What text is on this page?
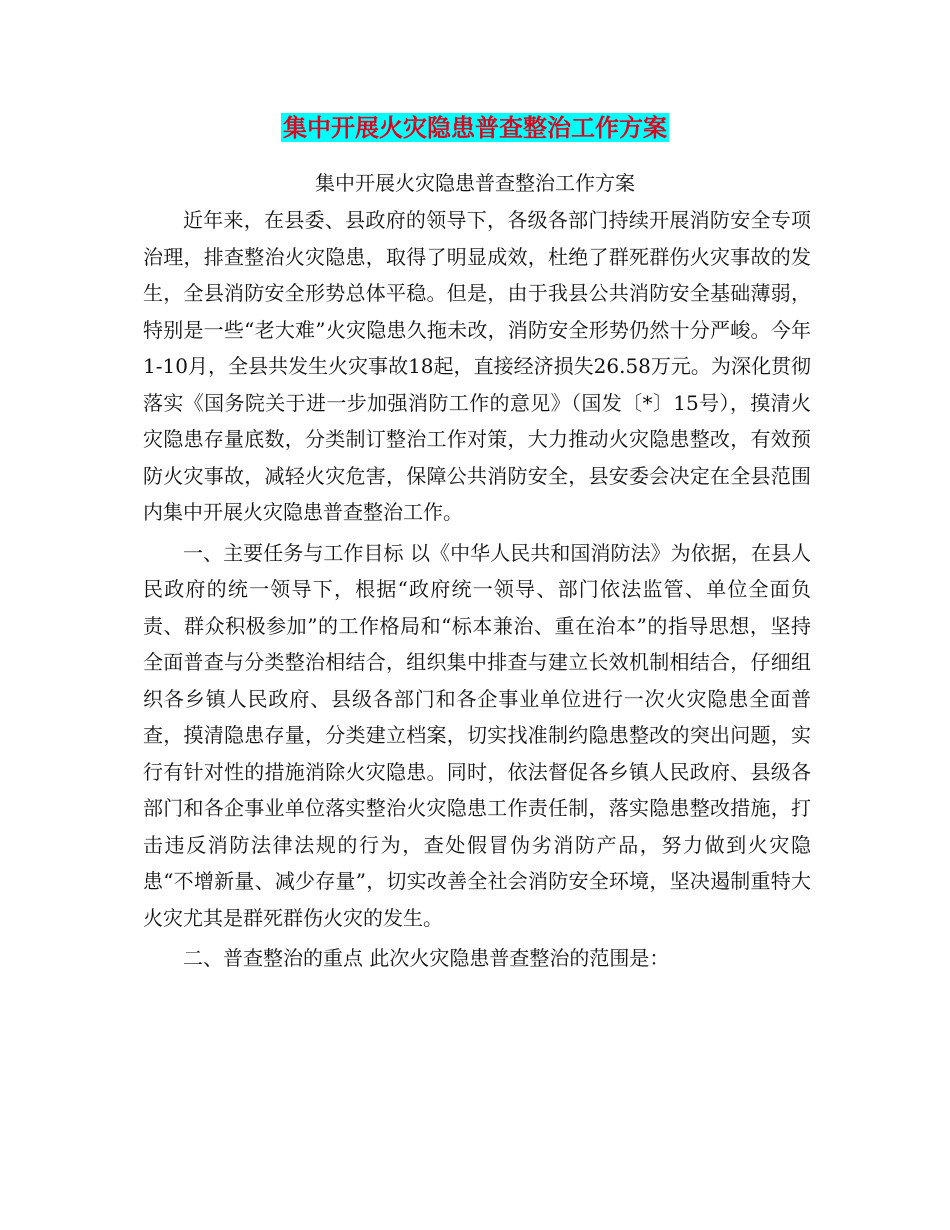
集中开展火灾隐患普查整治工作方案
集中开展火灾隐患普查整治工作方案

近年来，在县委、县政府的领导下，各级各部门持续开展消防安全专项治理，排查整治火灾隐患，取得了明显成效，杜绝了群死群伤火灾事故的发生，全县消防安全形势总体平稳。但是，由于我县公共消防安全基础薄弱，特别是一些“老大难”火灾隐患久拖未改，消防安全形势仍然十分严峻。今年1-10月，全县共发生火灾事故18起，直接经济损失26.58万元。为深化贯彻落实《国务院关于进一步加强消防工作的意见》（国发〔*〕15号），摸清火灾隐患存量底数，分类制订整治工作对策，大力推动火灾隐患整改，有效预防火灾事故，减轻火灾危害，保障公共消防安全，县安委会决定在全县范围内集中开展火灾隐患普查整治工作。

一、主要任务与工作目标 以《中华人民共和国消防法》为依据，在县人民政府的统一领导下，根据“政府统一领导、部门依法监管、单位全面负责、群众积极参加”的工作格局和“标本兼治、重在治本”的指导思想，坚持全面普查与分类整治相结合，组织集中排查与建立长效机制相结合，仔细组织各乡镇人民政府、县级各部门和各企事业单位进行一次火灾隐患全面普查，摸清隐患存量，分类建立档案，切实找准制约隐患整改的突出问题，实行有针对性的措施消除火灾隐患。同时，依法督促各乡镇人民政府、县级各部门和各企事业单位落实整治火灾隐患工作责任制，落实隐患整改措施，打击违反消防法律法规的行为，查处假冒伪劣消防产品，努力做到火灾隐患“不增新量、减少存量”，切实改善全社会消防安全环境，坚决遏制重特大火灾尤其是群死群伤火灾的发生。

二、普查整治的重点 此次火灾隐患普查整治的范围是：
